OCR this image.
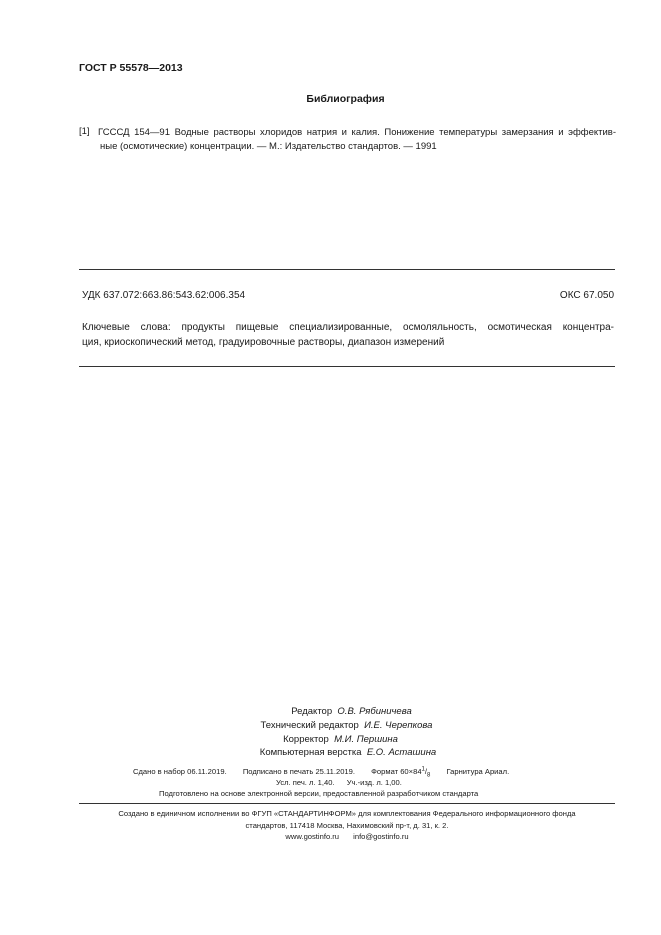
ГОСТ Р 55578—2013
Библиография
[1] ГСССД 154—91 Водные растворы хлоридов натрия и калия. Понижение температуры замерзания и эффектив-
ные (осмотические) концентрации. — М.: Издательство стандартов. — 1991
УДК 637.072:663.86:543.62:006.354	ОКС 67.050
Ключевые слова: продукты пищевые специализированные, осмоляльность, осмотическая концентра-
ция, криоскопический метод, градуировочные растворы, диапазон измерений
Редактор О.В. Рябиничева
Технический редактор И.Е. Черепкова
Корректор М.И. Першина
Компьютерная верстка Е.О. Асташина
Сдано в набор 06.11.2019. Подписано в печать 25.11.2019. Формат $60\times 84^1/_8$ Гарнитура Ариал.
Усл. печ. л. 1,40. Уч.-изд. л. 1,00.
Подготовлено на основе электронной версии, предоставленной разработчиком стандарта
Создано в единичном исполнении во ФГУП «СТАНДАРТИНФОРМ» для комплектования Федерального информационного фонда
стандартов, 117418 Москва, Нахимовский пр-т, д. 31, к. 2.
www.gostinfo.ru info@gostinfo.ru
